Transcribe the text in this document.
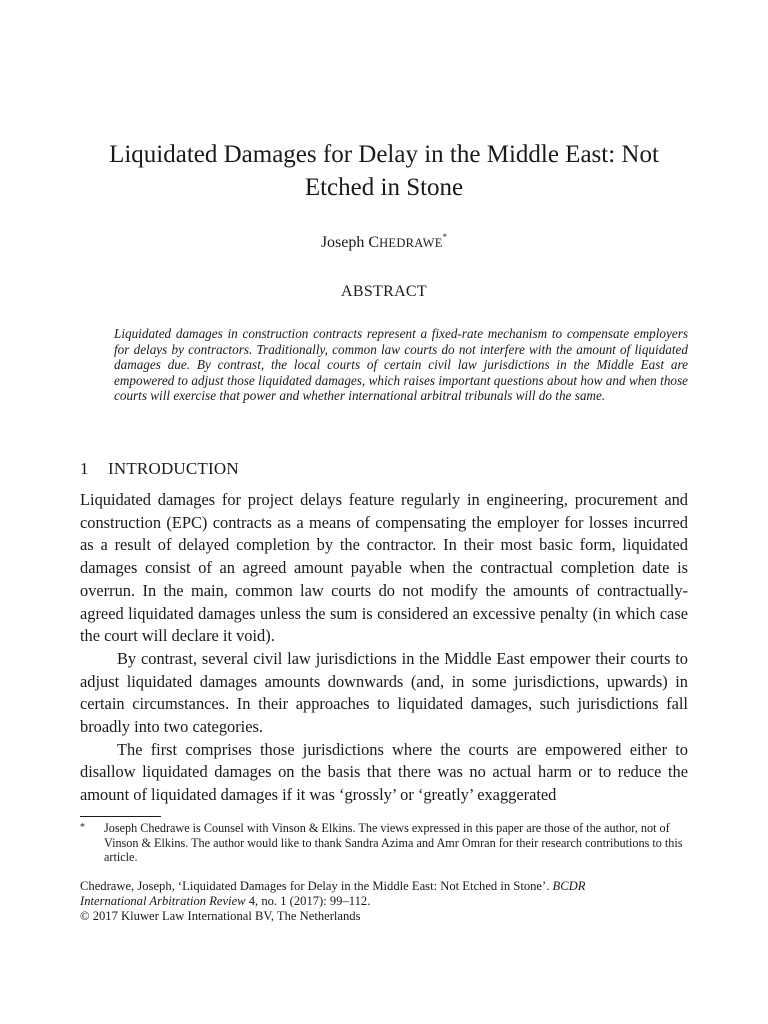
Liquidated Damages for Delay in the Middle East: Not Etched in Stone
Joseph CHEDRAWE*
ABSTRACT
Liquidated damages in construction contracts represent a fixed-rate mechanism to compensate employers for delays by contractors. Traditionally, common law courts do not interfere with the amount of liquidated damages due. By contrast, the local courts of certain civil law jurisdictions in the Middle East are empowered to adjust those liquidated damages, which raises important questions about how and when those courts will exercise that power and whether international arbitral tribunals will do the same.
1 INTRODUCTION

Liquidated damages for project delays feature regularly in engineering, procurement and construction (EPC) contracts as a means of compensating the employer for losses incurred as a result of delayed completion by the contractor. In their most basic form, liquidated damages consist of an agreed amount payable when the contractual completion date is overrun. In the main, common law courts do not modify the amounts of contractually-agreed liquidated damages unless the sum is considered an excessive penalty (in which case the court will declare it void).

By contrast, several civil law jurisdictions in the Middle East empower their courts to adjust liquidated damages amounts downwards (and, in some jurisdictions, upwards) in certain circumstances. In their approaches to liquidated damages, such jurisdictions fall broadly into two categories.

The first comprises those jurisdictions where the courts are empowered either to disallow liquidated damages on the basis that there was no actual harm or to reduce the amount of liquidated damages if it was ‘grossly’ or ‘greatly’ exaggerated

* Joseph Chedrawe is Counsel with Vinson & Elkins. The views expressed in this paper are those of the author, not of Vinson & Elkins. The author would like to thank Sandra Azima and Amr Omran for their research contributions to this article.
Chedrawe, Joseph, ‘Liquidated Damages for Delay in the Middle East: Not Etched in Stone’. BCDR
International Arbitration Review 4, no. 1 (2017): 99–112.
© 2017 Kluwer Law International BV, The Netherlands
